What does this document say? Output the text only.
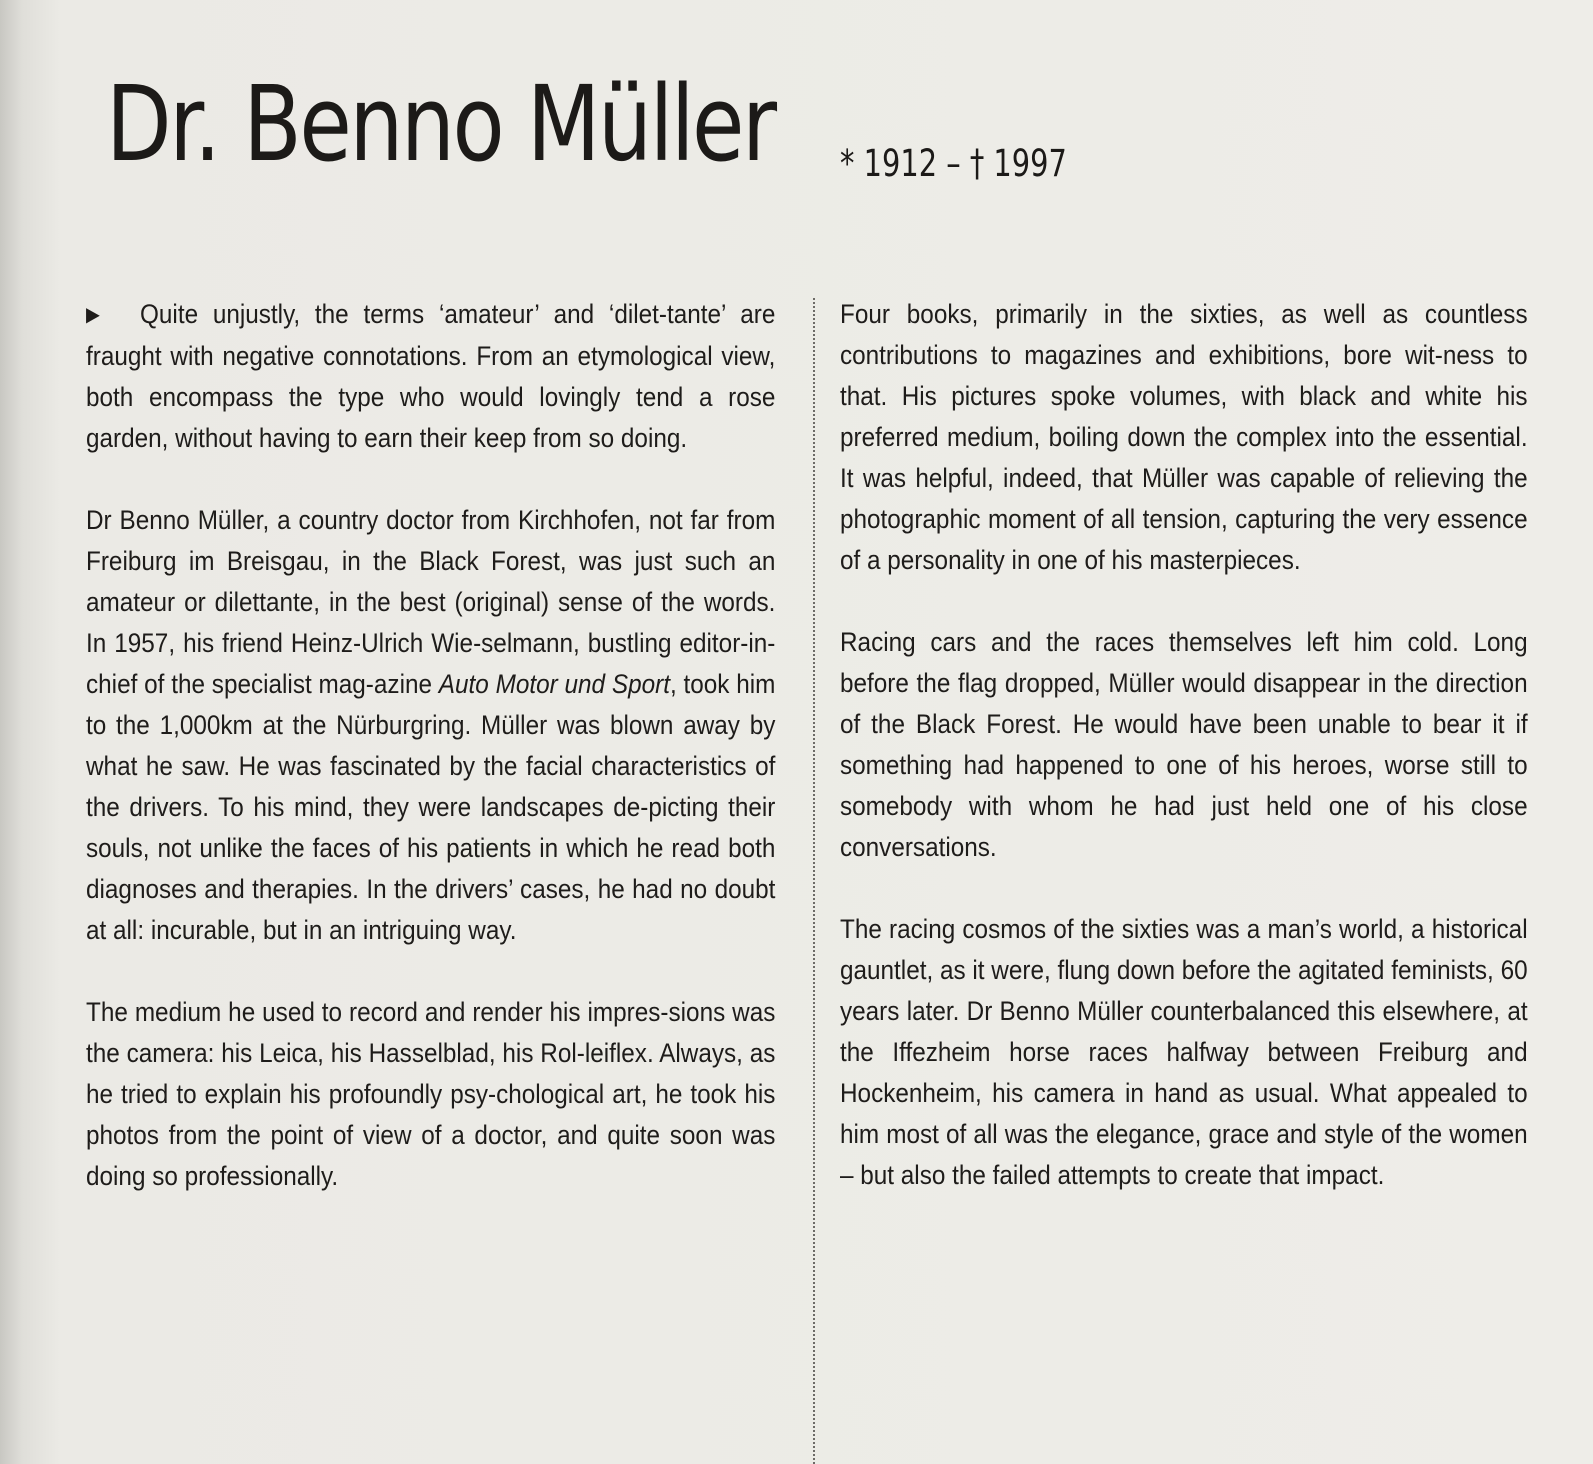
Dr. Benno Müller * 1912 – † 1997

▶ Quite unjustly, the terms ‘amateur’ and ‘dilet-tante’ are fraught with negative connotations. From an etymological view, both encompass the type who would lovingly tend a rose garden, without having to earn their keep from so doing.

Dr Benno Müller, a country doctor from Kirchhofen, not far from Freiburg im Breisgau, in the Black Forest, was just such an amateur or dilettante, in the best (original) sense of the words. In 1957, his friend Heinz-Ulrich Wie-selmann, bustling editor-in-chief of the specialist mag-azine Auto Motor und Sport, took him to the 1,000km at the Nürburgring. Müller was blown away by what he saw. He was fascinated by the facial characteristics of the drivers. To his mind, they were landscapes de-picting their souls, not unlike the faces of his patients in which he read both diagnoses and therapies. In the drivers’ cases, he had no doubt at all: incurable, but in an intriguing way.

The medium he used to record and render his impres-sions was the camera: his Leica, his Hasselblad, his Rol-leiflex. Always, as he tried to explain his profoundly psy-chological art, he took his photos from the point of view of a doctor, and quite soon was doing so professionally.

Four books, primarily in the sixties, as well as countless contributions to magazines and exhibitions, bore wit-ness to that. His pictures spoke volumes, with black and white his preferred medium, boiling down the complex into the essential. It was helpful, indeed, that Müller was capable of relieving the photographic moment of all tension, capturing the very essence of a personality in one of his masterpieces.

Racing cars and the races themselves left him cold. Long before the flag dropped, Müller would disappear in the direction of the Black Forest. He would have been unable to bear it if something had happened to one of his heroes, worse still to somebody with whom he had just held one of his close conversations.

The racing cosmos of the sixties was a man’s world, a historical gauntlet, as it were, flung down before the agitated feminists, 60 years later. Dr Benno Müller counterbalanced this elsewhere, at the Iffezheim horse races halfway between Freiburg and Hockenheim, his camera in hand as usual. What appealed to him most of all was the elegance, grace and style of the women – but also the failed attempts to create that impact.
